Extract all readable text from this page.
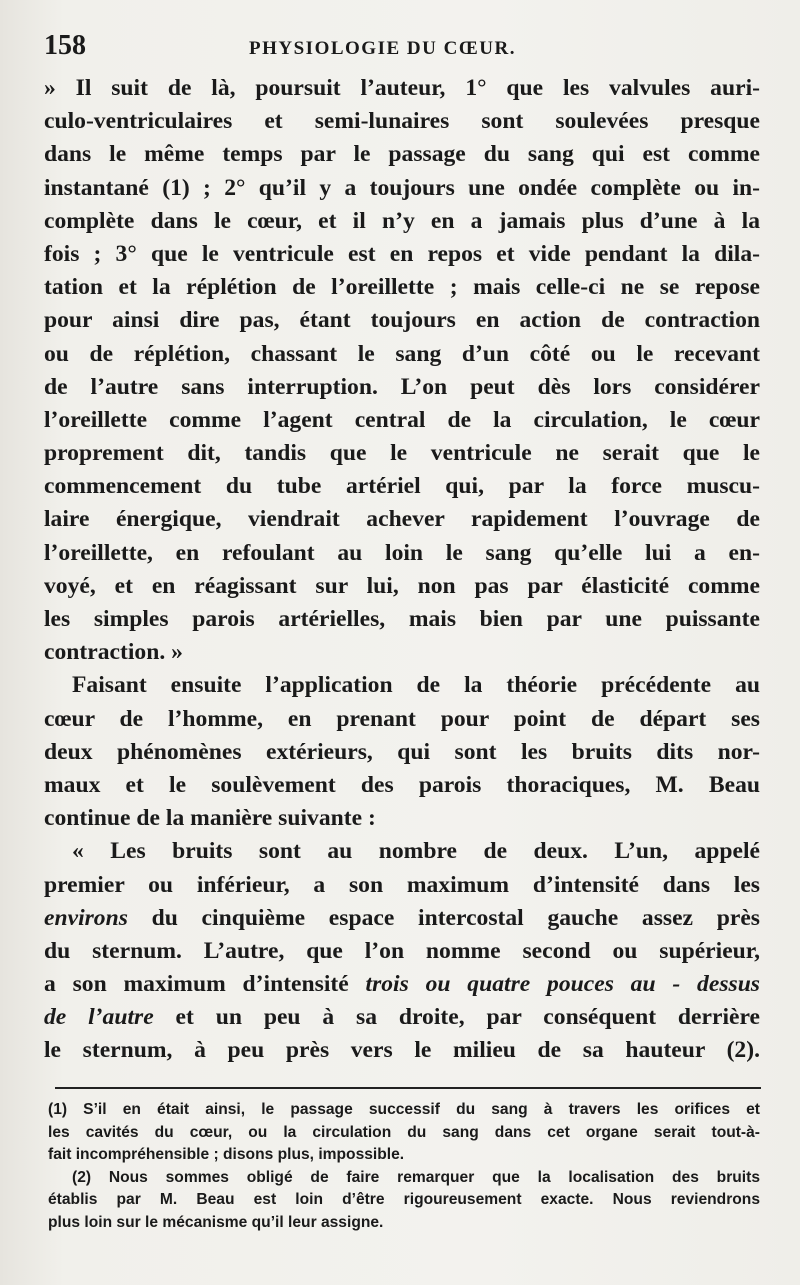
158	PHYSIOLOGIE DU CŒUR.
» Il suit de là, poursuit l’auteur, 1° que les valvules auri-
culo-ventriculaires et semi-lunaires sont soulevées presque
dans le même temps par le passage du sang qui est comme
instantané (1) ; 2° qu’il y a toujours une ondée complète ou in-
complète dans le cœur, et il n’y en a jamais plus d’une à la
fois ; 3° que le ventricule est en repos et vide pendant la dila-
tation et la réplétion de l’oreillette ; mais celle-ci ne se repose
pour ainsi dire pas, étant toujours en action de contraction
ou de réplétion, chassant le sang d’un côté ou le recevant
de l’autre sans interruption. L’on peut dès lors considérer
l’oreillette comme l’agent central de la circulation, le cœur
proprement dit, tandis que le ventricule ne serait que le
commencement du tube artériel qui, par la force muscu-
laire énergique, viendrait achever rapidement l’ouvrage de
l’oreillette, en refoulant au loin le sang qu’elle lui a en-
voyé, et en réagissant sur lui, non pas par élasticité comme
les simples parois artérielles, mais bien par une puissante
contraction. »
Faisant ensuite l’application de la théorie précédente au
cœur de l’homme, en prenant pour point de départ ses
deux phénomènes extérieurs, qui sont les bruits dits nor-
maux et le soulèvement des parois thoraciques, M. Beau
continue de la manière suivante :
« Les bruits sont au nombre de deux. L’un, appelé
premier ou inférieur, a son maximum d’intensité dans les
environs du cinquième espace intercostal gauche assez près
du sternum. L’autre, que l’on nomme second ou supérieur,
a son maximum d’intensité trois ou quatre pouces au - dessus
de l’autre et un peu à sa droite, par conséquent derrière
le sternum, à peu près vers le milieu de sa hauteur (2).
(1) S’il en était ainsi, le passage successif du sang à travers les orifices et
les cavités du cœur, ou la circulation du sang dans cet organe serait tout-à-
fait incompréhensible ; disons plus, impossible.
(2) Nous sommes obligé de faire remarquer que la localisation des bruits
établis par M. Beau est loin d’être rigoureusement exacte. Nous reviendrons
plus loin sur le mécanisme qu’il leur assigne.
